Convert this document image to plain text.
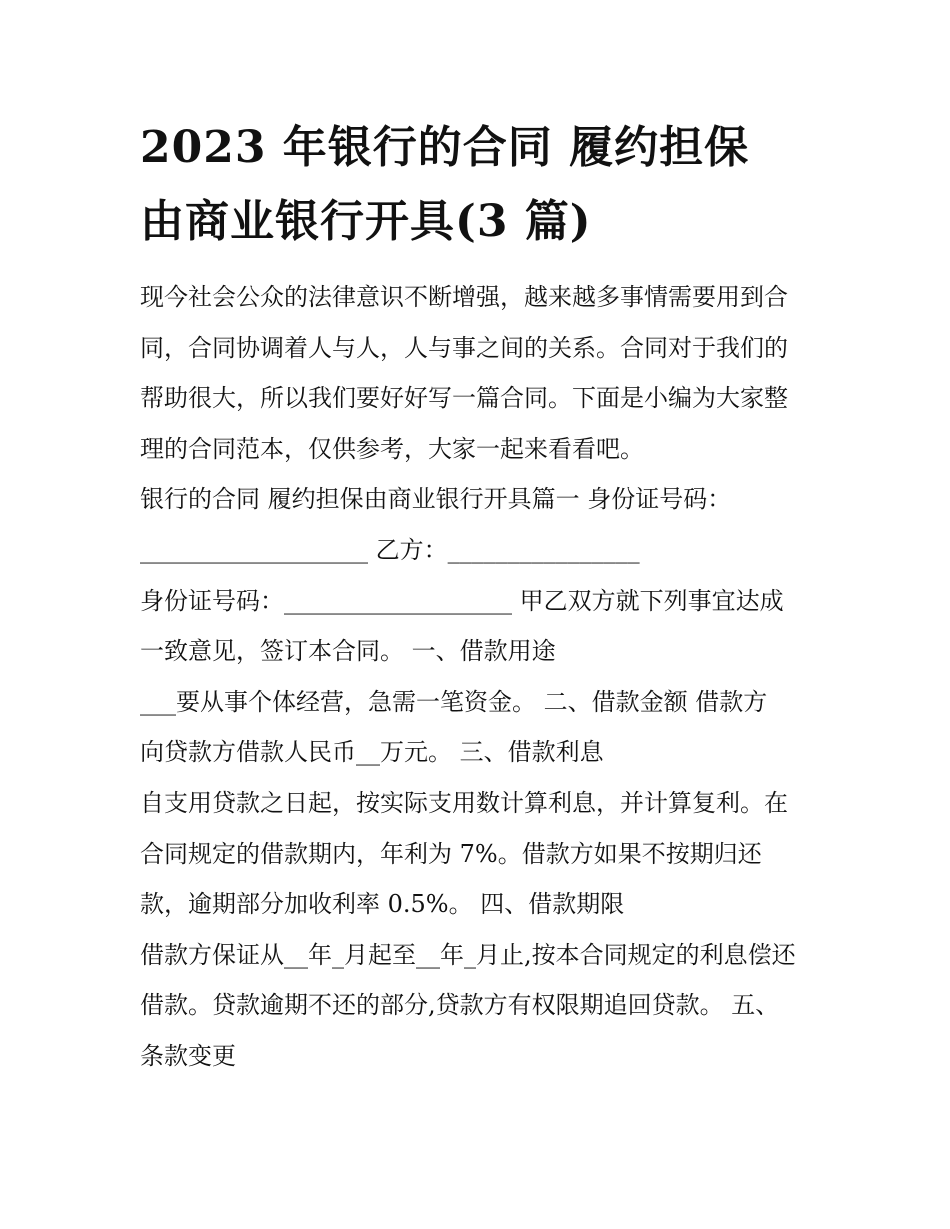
2023 年银行的合同 履约担保
由商业银行开具(3 篇)
现今社会公众的法律意识不断增强，越来越多事情需要用到合
同，合同协调着人与人，人与事之间的关系。合同对于我们的
帮助很大，所以我们要好好写一篇合同。下面是小编为大家整
理的合同范本，仅供参考，大家一起来看看吧。
银行的合同 履约担保由商业银行开具篇一 身份证号码：
___________________ 乙方：________________
身份证号码：___________________ 甲乙双方就下列事宜达成
一致意见，签订本合同。 一、借款用途
___要从事个体经营，急需一笔资金。 二、借款金额 借款方
向贷款方借款人民币__万元。 三、借款利息
自支用贷款之日起，按实际支用数计算利息，并计算复利。在
合同规定的借款期内，年利为 7%。借款方如果不按期归还
款，逾期部分加收利率 0.5%。 四、借款期限
借款方保证从__年_月起至__年_月止,按本合同规定的利息偿还
借款。贷款逾期不还的部分,贷款方有权限期追回贷款。 五、
条款变更
